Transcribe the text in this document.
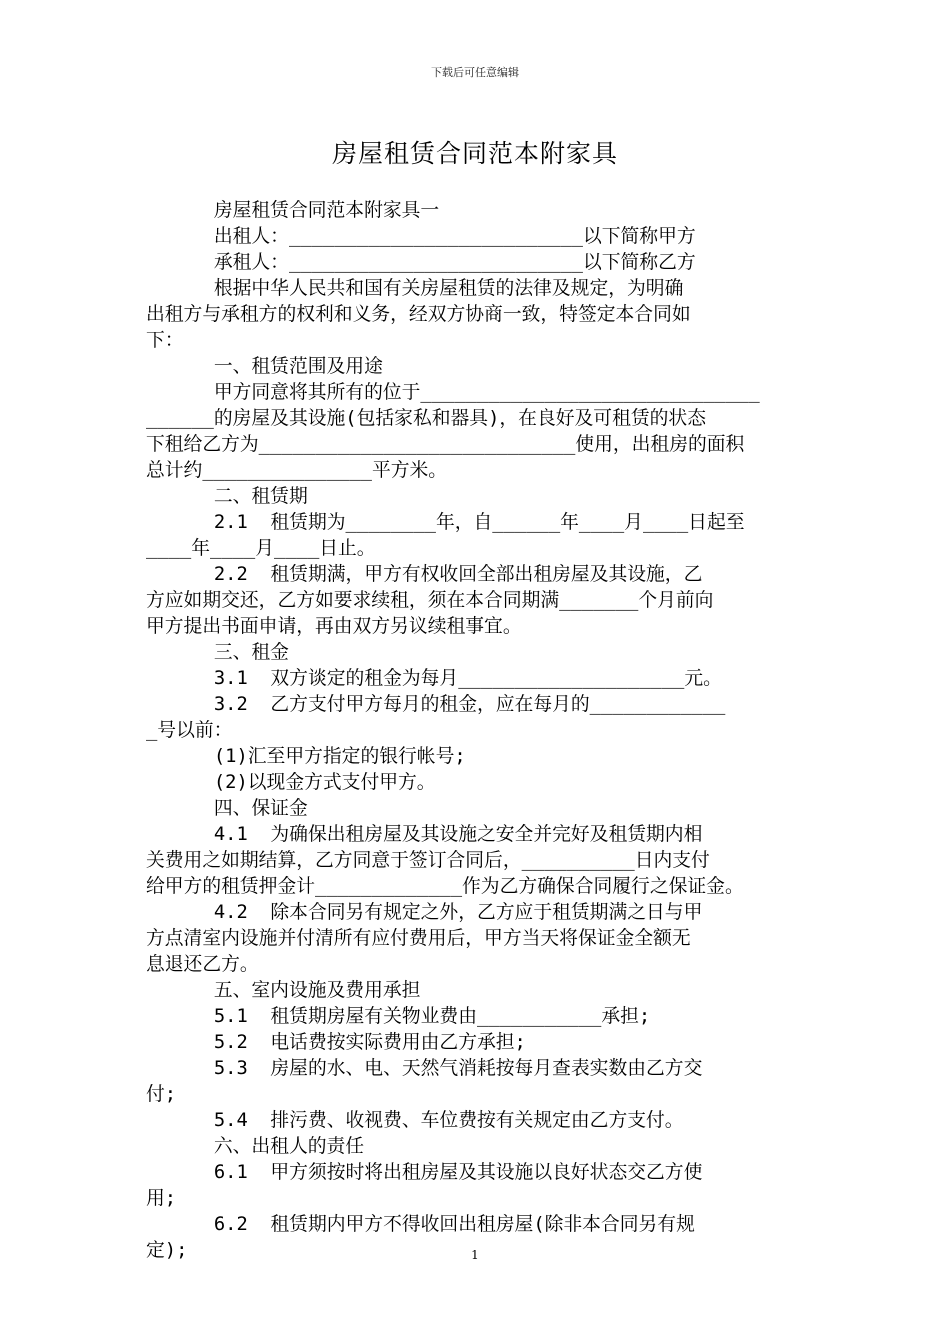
下载后可任意编辑
房屋租赁合同范本附家具
房屋租赁合同范本附家具一
出租人：__________________________以下简称甲方
承租人：__________________________以下简称乙方
根据中华人民共和国有关房屋租赁的法律及规定，为明确
出租方与承租方的权利和义务，经双方协商一致，特签定本合同如
下：
一、租赁范围及用途
甲方同意将其所有的位于______________________________
______的房屋及其设施(包括家私和器具)，在良好及可租赁的状态
下租给乙方为____________________________使用，出租房的面积
总计约_______________平方米。
二、租赁期
2.1  租赁期为________年，自______年____月____日起至
____年____月____日止。
2.2  租赁期满，甲方有权收回全部出租房屋及其设施，乙
方应如期交还，乙方如要求续租，须在本合同期满_______个月前向
甲方提出书面申请，再由双方另议续租事宜。
三、租金
3.1  双方谈定的租金为每月____________________元。
3.2  乙方支付甲方每月的租金，应在每月的____________
_号以前：
(1)汇至甲方指定的银行帐号;
(2)以现金方式支付甲方。
四、保证金
4.1  为确保出租房屋及其设施之安全并完好及租赁期内相
关费用之如期结算，乙方同意于签订合同后，__________日内支付
给甲方的租赁押金计_____________作为乙方确保合同履行之保证金。
4.2  除本合同另有规定之外，乙方应于租赁期满之日与甲
方点清室内设施并付清所有应付费用后，甲方当天将保证金全额无
息退还乙方。
五、室内设施及费用承担
5.1  租赁期房屋有关物业费由___________承担;
5.2  电话费按实际费用由乙方承担;
5.3  房屋的水、电、天然气消耗按每月查表实数由乙方交
付;
5.4  排污费、收视费、车位费按有关规定由乙方支付。
六、出租人的责任
6.1  甲方须按时将出租房屋及其设施以良好状态交乙方使
用;
6.2  租赁期内甲方不得收回出租房屋(除非本合同另有规
定);	1
